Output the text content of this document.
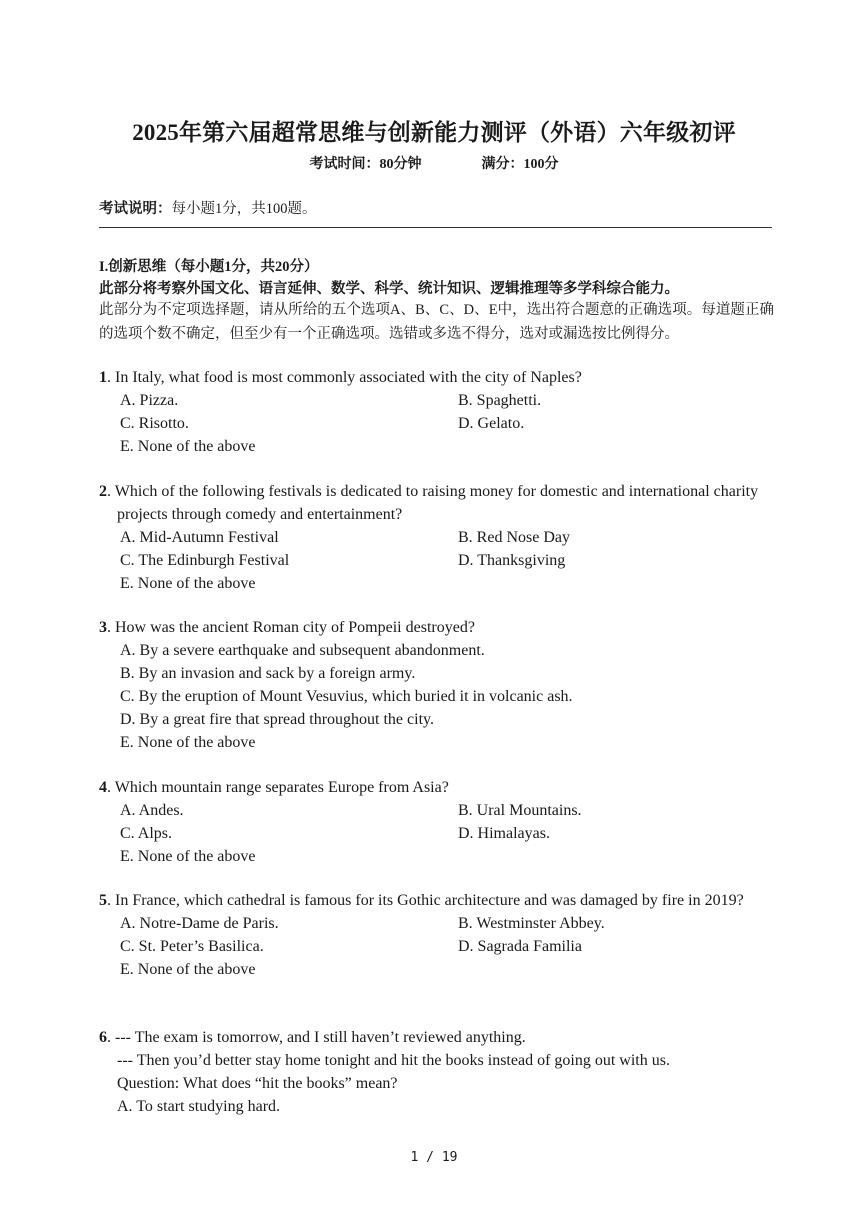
2025年第六届超常思维与创新能力测评（外语）六年级初评
考试时间：80分钟	满分：100分
考试说明：每小题1分，共100题。
I.创新思维（每小题1分，共20分）
此部分将考察外国文化、语言延伸、数学、科学、统计知识、逻辑推理等多学科综合能力。
此部分为不定项选择题，请从所给的五个选项A、B、C、D、E中，选出符合题意的正确选项。每道题正确的选项个数不确定，但至少有一个正确选项。选错或多选不得分，选对或漏选按比例得分。
1. In Italy, what food is most commonly associated with the city of Naples?
A. Pizza.	B. Spaghetti.
C. Risotto.	D. Gelato.
E. None of the above
2. Which of the following festivals is dedicated to raising money for domestic and international charity projects through comedy and entertainment?
A. Mid-Autumn Festival	B. Red Nose Day
C. The Edinburgh Festival	D. Thanksgiving
E. None of the above
3. How was the ancient Roman city of Pompeii destroyed?
A. By a severe earthquake and subsequent abandonment.
B. By an invasion and sack by a foreign army.
C. By the eruption of Mount Vesuvius, which buried it in volcanic ash.
D. By a great fire that spread throughout the city.
E. None of the above
4. Which mountain range separates Europe from Asia?
A. Andes.	B. Ural Mountains.
C. Alps.	D. Himalayas.
E. None of the above
5. In France, which cathedral is famous for its Gothic architecture and was damaged by fire in 2019?
A. Notre-Dame de Paris.	B. Westminster Abbey.
C. St. Peter’s Basilica.	D. Sagrada Familia
E. None of the above
6. --- The exam is tomorrow, and I still haven’t reviewed anything.
--- Then you’d better stay home tonight and hit the books instead of going out with us.
Question: What does “hit the books” mean?
A. To start studying hard.
1 / 19
